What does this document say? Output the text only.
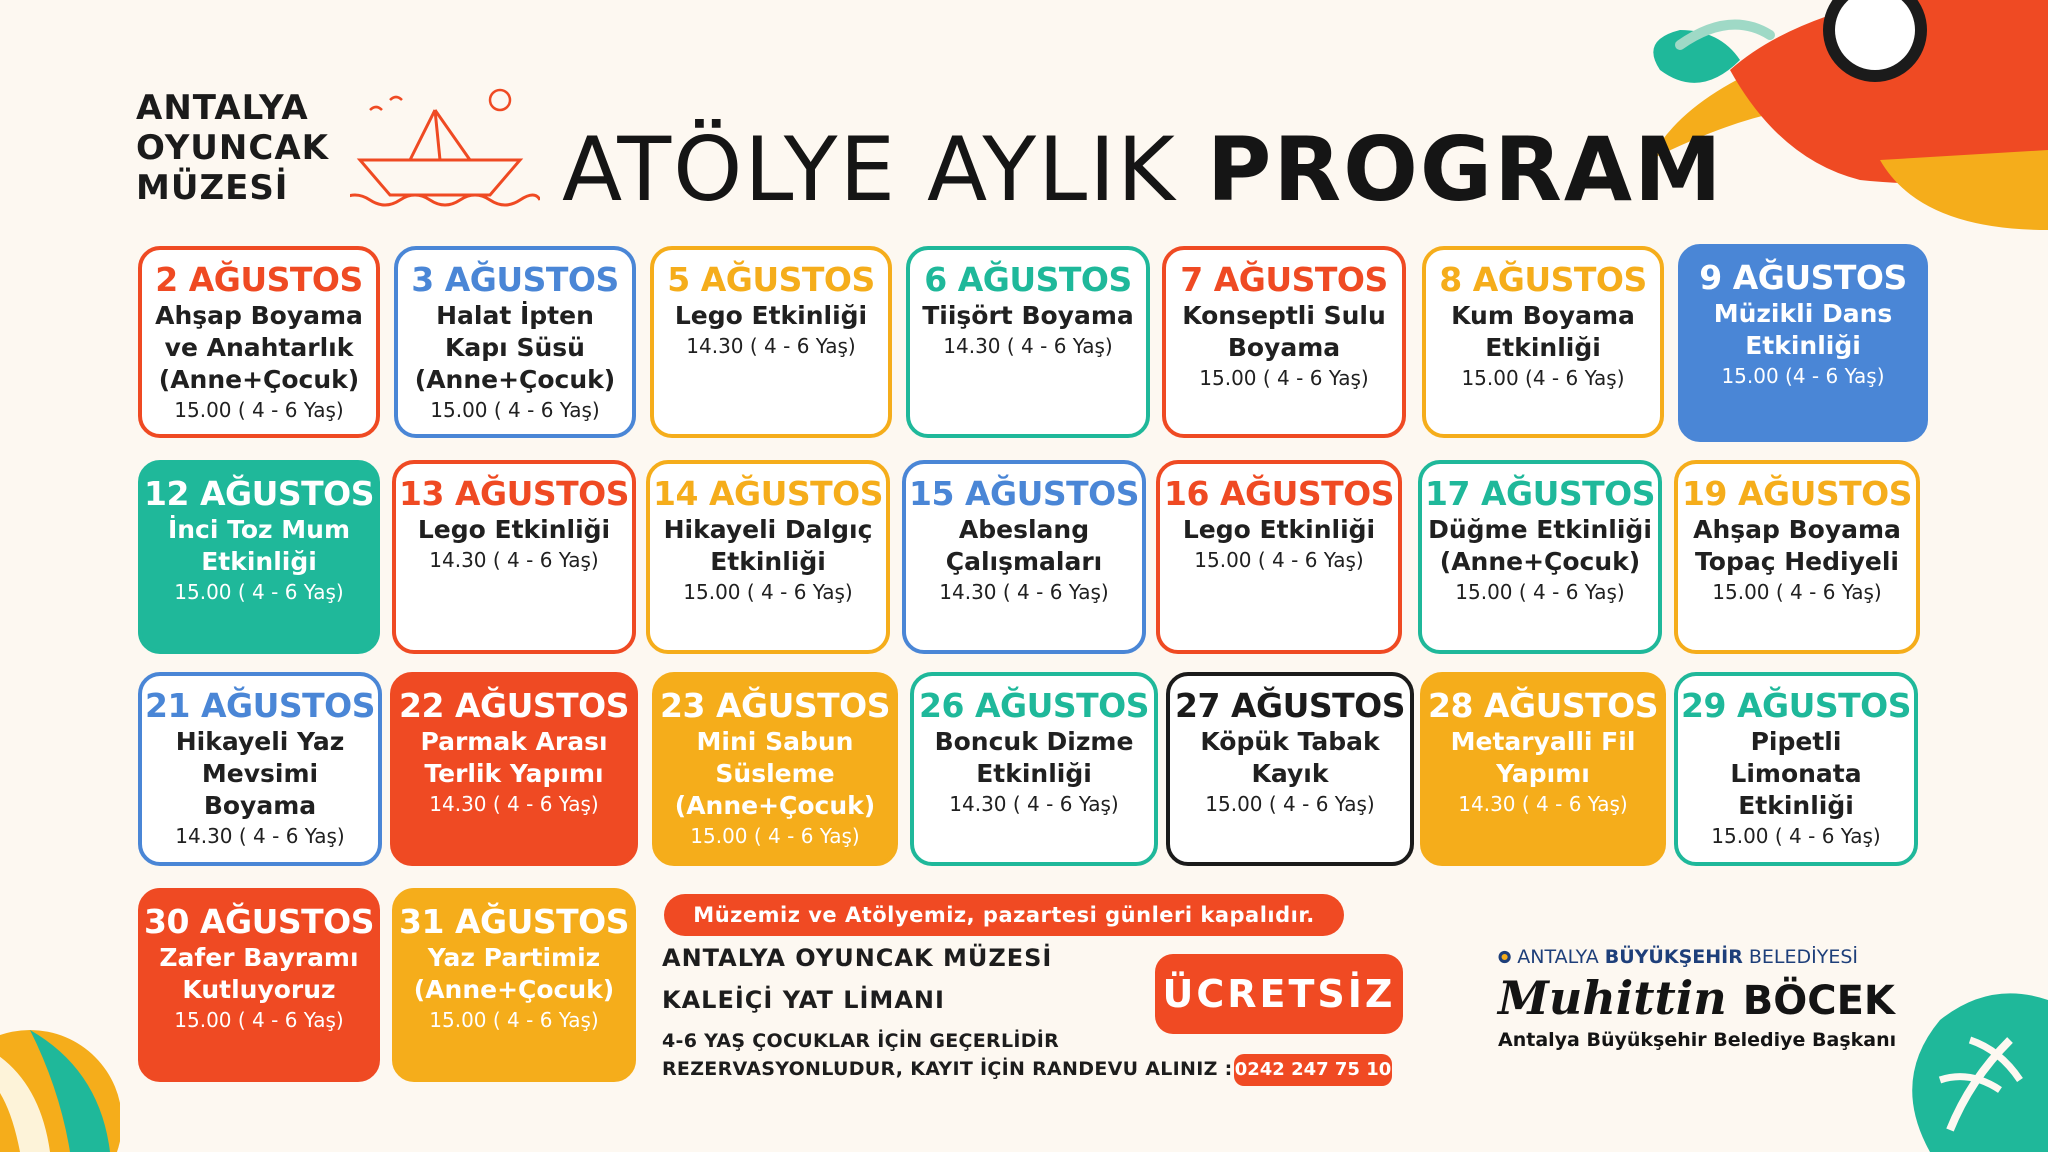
ANTALYA
OYUNCAK
MÜZESİ	ATÖLYE AYLIK PROGRAM
2 AĞUSTOS
Ahşap Boyama
ve Anahtarlık
(Anne+Çocuk)
15.00 ( 4 - 6 Yaş)
3 AĞUSTOS
Halat İpten
Kapı Süsü
(Anne+Çocuk)
15.00 ( 4 - 6 Yaş)
5 AĞUSTOS
Lego Etkinliği
14.30 ( 4 - 6 Yaş)
6 AĞUSTOS
Tiişört Boyama
14.30 ( 4 - 6 Yaş)
7 AĞUSTOS
Konseptli Sulu
Boyama
15.00 ( 4 - 6 Yaş)
8 AĞUSTOS
Kum Boyama
Etkinliği
15.00 (4 - 6 Yaş)
9 AĞUSTOS
Müzikli Dans
Etkinliği
15.00 (4 - 6 Yaş)
12 AĞUSTOS
İnci Toz Mum
Etkinliği
15.00 ( 4 - 6 Yaş)
13 AĞUSTOS
Lego Etkinliği
14.30 ( 4 - 6 Yaş)
14 AĞUSTOS
Hikayeli Dalgıç
Etkinliği
15.00 ( 4 - 6 Yaş)
15 AĞUSTOS
Abeslang
Çalışmaları
14.30 ( 4 - 6 Yaş)
16 AĞUSTOS
Lego Etkinliği
15.00 ( 4 - 6 Yaş)
17 AĞUSTOS
Düğme Etkinliği
(Anne+Çocuk)
15.00 ( 4 - 6 Yaş)
19 AĞUSTOS
Ahşap Boyama
Topaç Hediyeli
15.00 ( 4 - 6 Yaş)
21 AĞUSTOS
Hikayeli Yaz
Mevsimi Boyama
14.30 ( 4 - 6 Yaş)
22 AĞUSTOS
Parmak Arası
Terlik Yapımı
14.30 ( 4 - 6 Yaş)
23 AĞUSTOS
Mini Sabun
Süsleme
(Anne+Çocuk)
15.00 ( 4 - 6 Yaş)
26 AĞUSTOS
Boncuk Dizme
Etkinliği
14.30 ( 4 - 6 Yaş)
27 AĞUSTOS
Köpük Tabak
Kayık
15.00 ( 4 - 6 Yaş)
28 AĞUSTOS
Metaryalli Fil
Yapımı
14.30 ( 4 - 6 Yaş)
29 AĞUSTOS
Pipetli Limonata
Etkinliği
15.00 ( 4 - 6 Yaş)
30 AĞUSTOS
Zafer Bayramı
Kutluyoruz
15.00 ( 4 - 6 Yaş)
31 AĞUSTOS
Yaz Partimiz
(Anne+Çocuk)
15.00 ( 4 - 6 Yaş)
Müzemiz ve Atölyemiz, pazartesi günleri kapalıdır.
ANTALYA OYUNCAK MÜZESİ
KALEİÇİ YAT LİMANI	ÜCRETSİZ
4-6 YAŞ ÇOCUKLAR İÇİN GEÇERLİDİR
REZERVASYONLUDUR, KAYIT İÇİN RANDEVU ALINIZ : 0242 247 75 10
ANTALYA BÜYÜKŞEHİR BELEDİYESİ
Muhittin BÖCEK
Antalya Büyükşehir Belediye Başkanı
